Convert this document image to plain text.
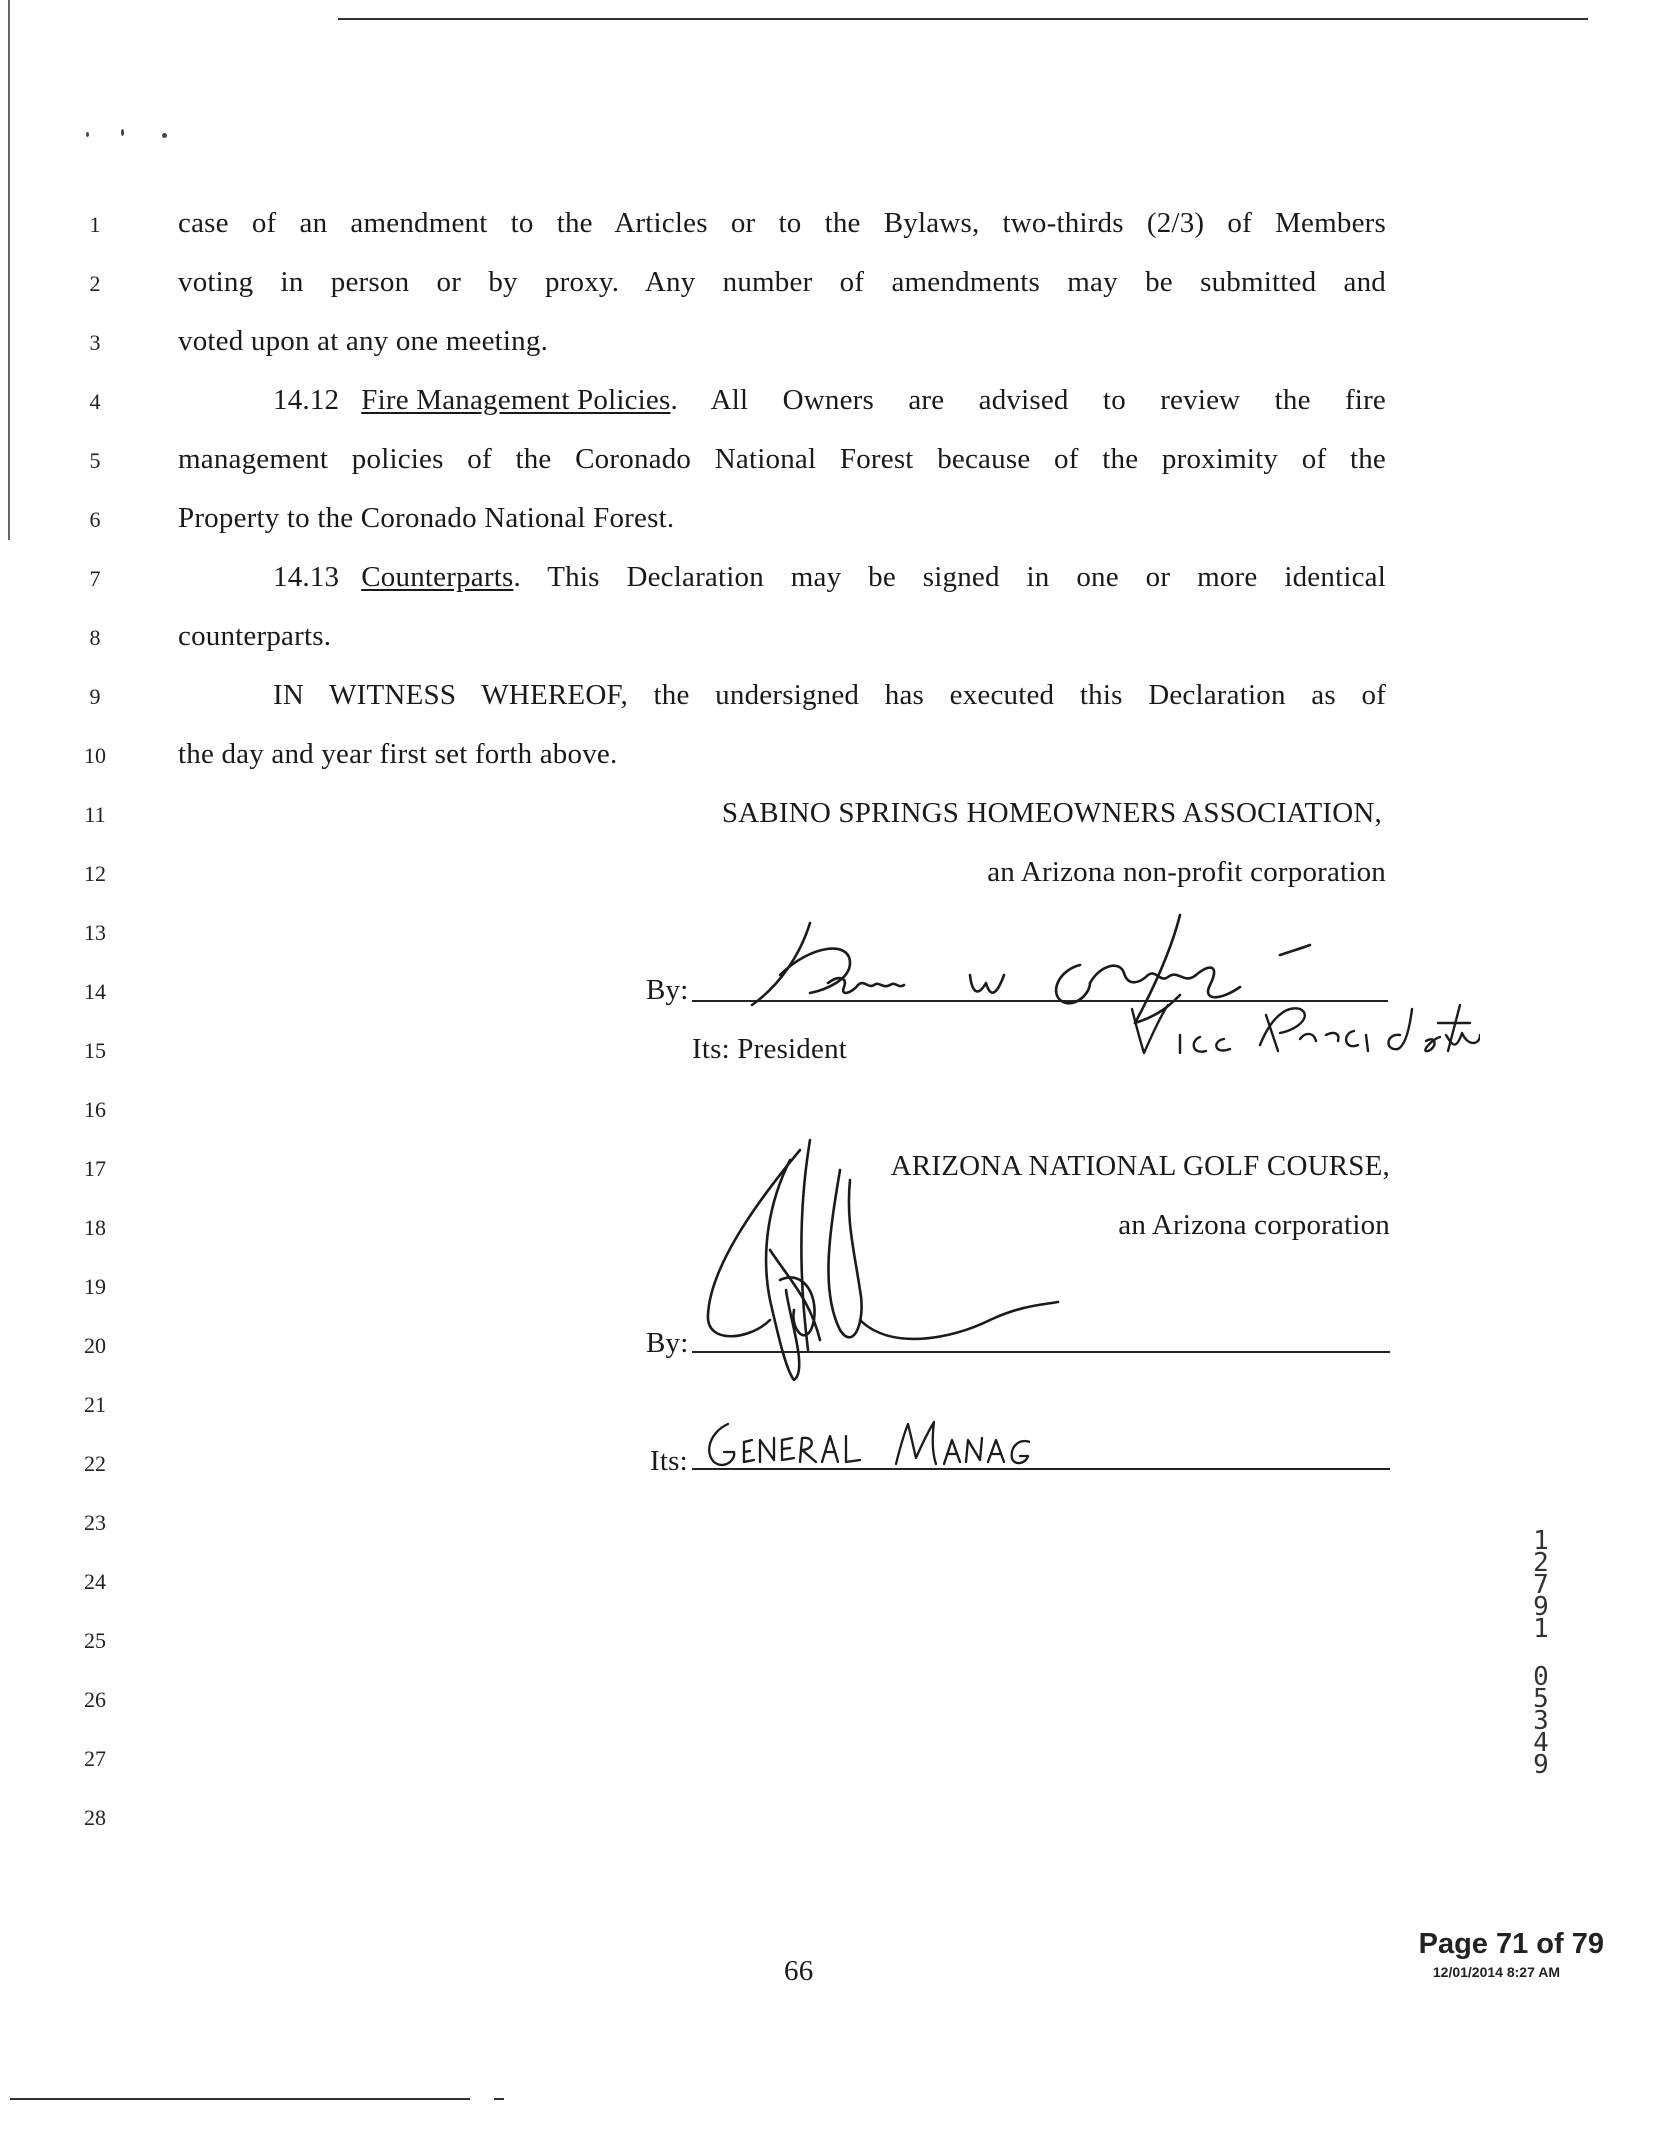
1
2
3
4
5
6
7
8
9
10
11
12
13
14
15
16
17
18
19
20
21
22
23
24
25
26
27
28
case of an amendment to the Articles or to the Bylaws, two-thirds (2/3) of Members
voting in person or by proxy. Any number of amendments may be submitted and
voted upon at any one meeting.
14.12 Fire Management Policies . All Owners are advised to review the fire
management policies of the Coronado National Forest because of the proximity of the
Property to the Coronado National Forest.
14.13 Counterparts . This Declaration may be signed in one or more identical
counterparts.
IN WITNESS WHEREOF, the undersigned has executed this Declaration as of
the day and year first set forth above.
SABINO SPRINGS HOMEOWNERS ASSOCIATION,
an Arizona non-profit corporation
By:
Its: President
ARIZONA NATIONAL GOLF COURSE,
an Arizona corporation
By:
Its:
1
2
7
9
1
0
5
3
4
9
66
Page 71 of 79
12/01/2014 8:27 AM
